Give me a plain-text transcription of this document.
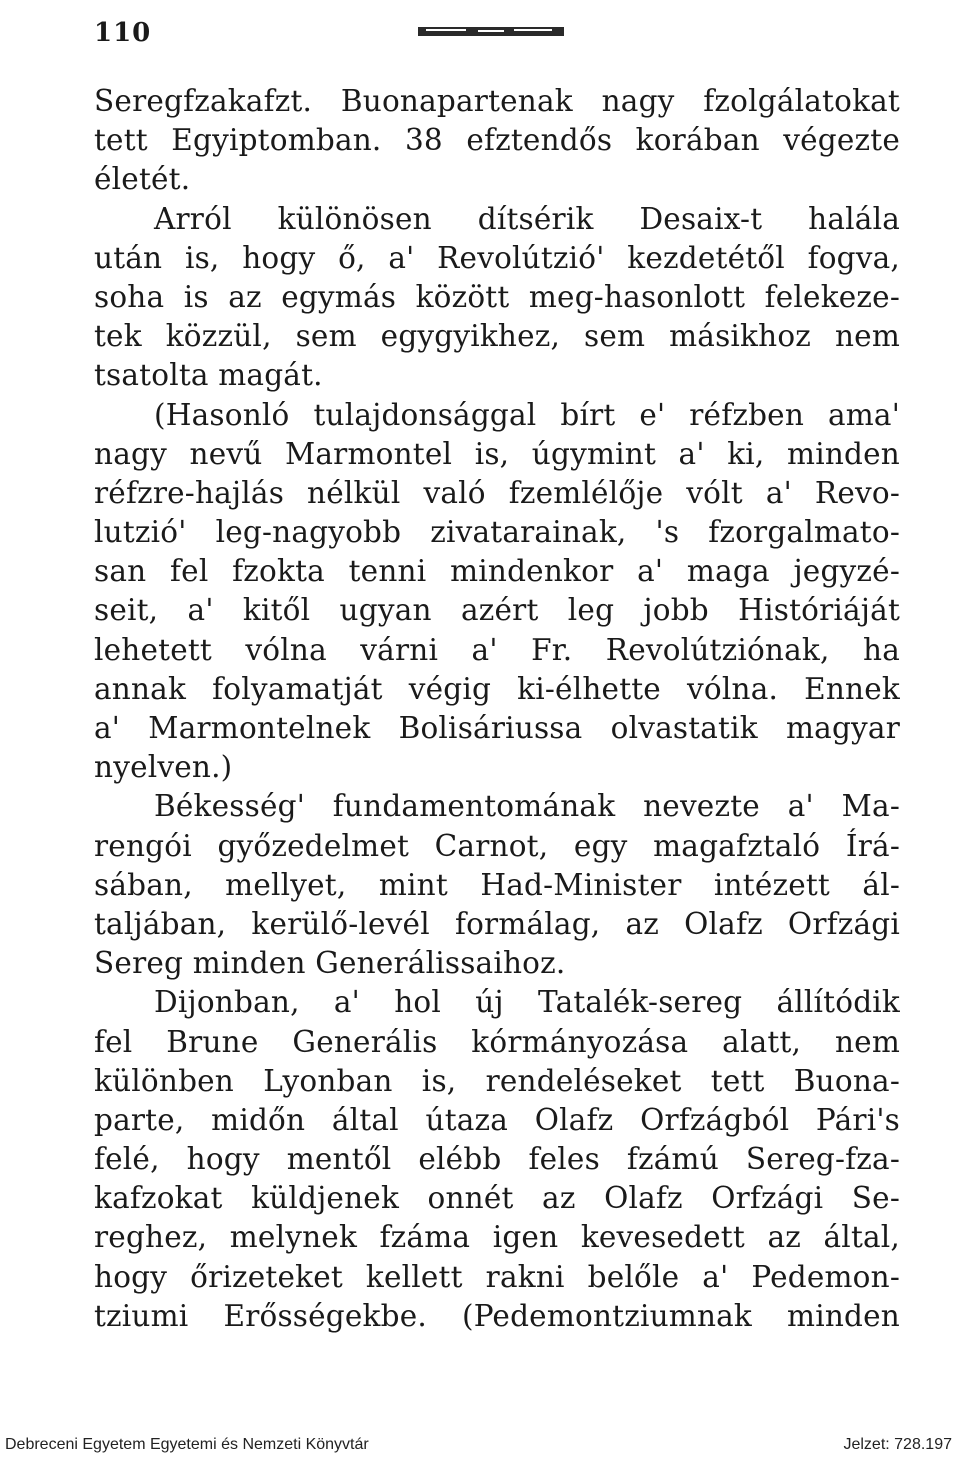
110
Seregfzakafzt. Buonapartenak nagy fzolgálatokat
tett Egyiptomban. 38 efztendős korában végezte
életét.
Arról különösen dítsérik Desaix-t halála
után is, hogy ő, a' Revolútzió' kezdetétől fogva,
soha is az egymás között meg-hasonlott felekeze-
tek közzül, sem egygyikhez, sem másikhoz nem
tsatolta magát.
(Hasonló tulajdonsággal bírt e' réfzben ama'
nagy nevű Marmontel is, úgymint a' ki, minden
réfzre-hajlás nélkül való fzemlélője vólt a' Revo-
lutzió' leg-nagyobb zivatarainak, 's fzorgalmato-
san fel fzokta tenni mindenkor a' maga jegyzé-
seit, a' kitől ugyan azért leg jobb Históriáját
lehetett vólna várni a' Fr. Revolútziónak, ha
annak folyamatját végig ki-élhette vólna. Ennek
a' Marmontelnek Bolisáriussa olvastatik magyar
nyelven.)
Békesség' fundamentomának nevezte a' Ma-
rengói győzedelmet Carnot, egy magafztaló Írá-
sában, mellyet, mint Had-Minister intézett ál-
taljában, kerülő-levél formálag, az Olafz Orfzági
Sereg minden Generálissaihoz.
Dijonban, a' hol új Tatalék-sereg állítódik
fel Brune Generális kórmányozása alatt, nem
különben Lyonban is, rendeléseket tett Buona-
parte, midőn által útaza Olafz Orfzágból Pári's
felé, hogy mentől elébb feles fzámú Sereg-fza-
kafzokat küldjenek onnét az Olafz Orfzági Se-
reghez, melynek fzáma igen kevesedett az által,
hogy őrizeteket kellett rakni belőle a' Pedemon-
tziumi Erősségekbe. (Pedemontziumnak minden
Debreceni Egyetem Egyetemi és Nemzeti Könyvtár	Jelzet: 728.197
